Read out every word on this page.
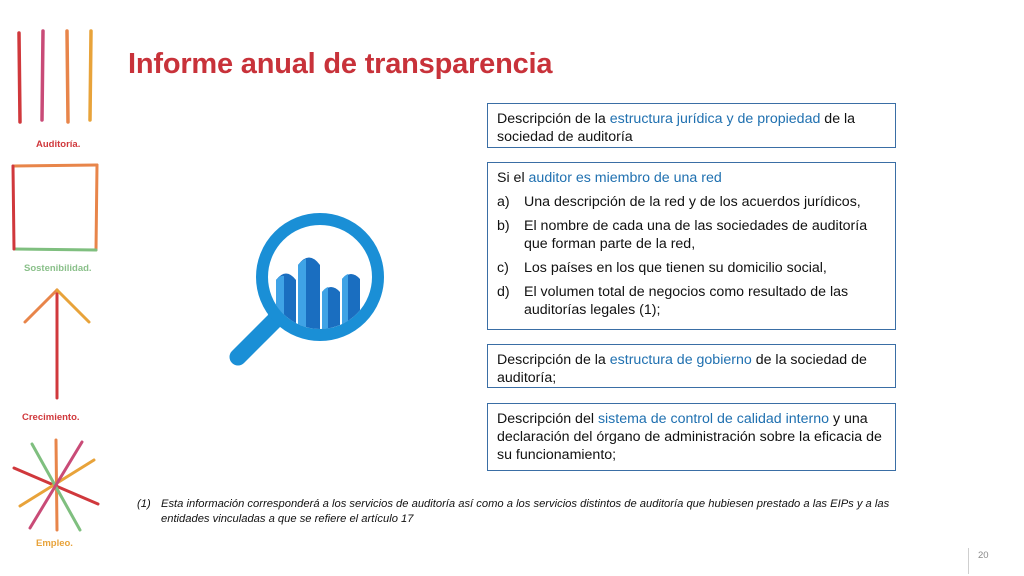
Auditoría.
Sostenibilidad.
Crecimiento.
Empleo.
Informe anual de transparencia
Descripción de la estructura jurídica y de propiedad de la sociedad de auditoría
Si el auditor es miembro de una red
a) Una descripción de la red y de los acuerdos jurídicos,
b) El nombre de cada una de las sociedades de auditoría que forman parte de la red,
c) Los países en los que tienen su domicilio social,
d) El volumen total de negocios como resultado de las auditorías legales (1);
Descripción de la estructura de gobierno de la sociedad de auditoría;
Descripción del sistema de control de calidad interno y una declaración del órgano de administración sobre la eficacia de su funcionamiento;
(1) Esta información corresponderá a los servicios de auditoría así como a los servicios distintos de auditoría que hubiesen prestado a las EIPs y a las entidades vinculadas a que se refiere el artículo 17
20
